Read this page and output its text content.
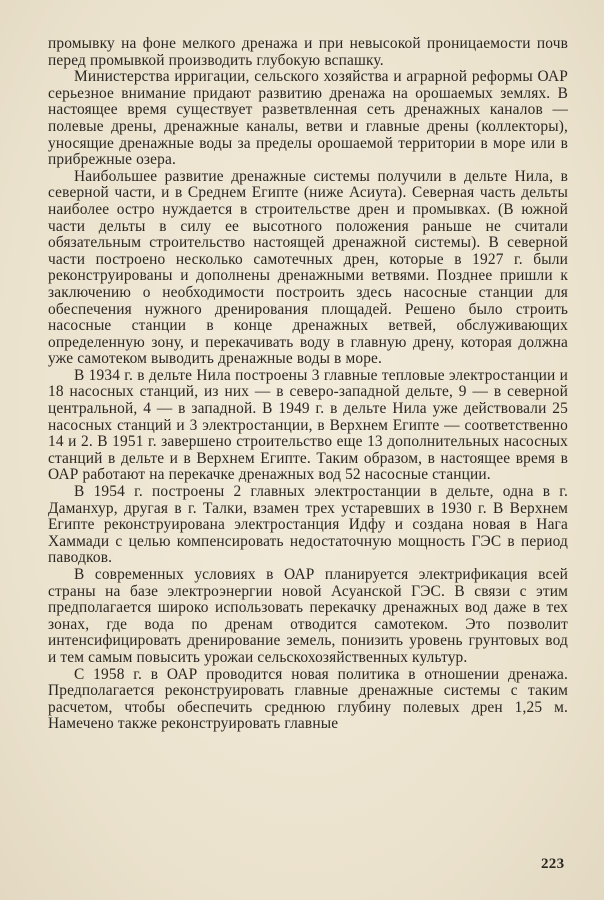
промывку на фоне мелкого дренажа и при невысокой проницаемости почв перед промывкой производить глубокую вспашку.

Министерства ирригации, сельского хозяйства и аграрной реформы ОАР серьезное внимание придают развитию дренажа на орошаемых землях. В настоящее время существует разветвленная сеть дренажных каналов — полевые дрены, дренажные каналы, ветви и главные дрены (коллекторы), уносящие дренажные воды за пределы орошаемой территории в море или в прибрежные озера.

Наибольшее развитие дренажные системы получили в дельте Нила, в северной части, и в Среднем Египте (ниже Асиута). Северная часть дельты наиболее остро нуждается в строительстве дрен и промывках. (В южной части дельты в силу ее высотного положения раньше не считали обязательным строительство настоящей дренажной системы). В северной части построено несколько самотечных дрен, которые в 1927 г. были реконструированы и дополнены дренажными ветвями. Позднее пришли к заключению о необходимости построить здесь насосные станции для обеспечения нужного дренирования площадей. Решено было строить насосные станции в конце дренажных ветвей, обслуживающих определенную зону, и перекачивать воду в главную дрену, которая должна уже самотеком выводить дренажные воды в море.

В 1934 г. в дельте Нила построены 3 главные тепловые электростанции и 18 насосных станций, из них — в северо-западной дельте, 9 — в северной центральной, 4 — в западной. В 1949 г. в дельте Нила уже действовали 25 насосных станций и 3 электростанции, в Верхнем Египте — соответственно 14 и 2. В 1951 г. завершено строительство еще 13 дополнительных насосных станций в дельте и в Верхнем Египте. Таким образом, в настоящее время в ОАР работают на перекачке дренажных вод 52 насосные станции.

В 1954 г. построены 2 главных электростанции в дельте, одна в г. Даманхур, другая в г. Талки, взамен трех устаревших в 1930 г. В Верхнем Египте реконструирована электростанция Идфу и создана новая в Нага Хаммади с целью компенсировать недостаточную мощность ГЭС в период паводков.

В современных условиях в ОАР планируется электрификация всей страны на базе электроэнергии новой Асуанской ГЭС. В связи с этим предполагается широко использовать перекачку дренажных вод даже в тех зонах, где вода по дренам отводится самотеком. Это позволит интенсифицировать дренирование земель, понизить уровень грунтовых вод и тем самым повысить урожаи сельскохозяйственных культур.

С 1958 г. в ОАР проводится новая политика в отношении дренажа. Предполагается реконструировать главные дренажные системы с таким расчетом, чтобы обеспечить среднюю глубину полевых дрен 1,25 м. Намечено также реконструировать главные

223
